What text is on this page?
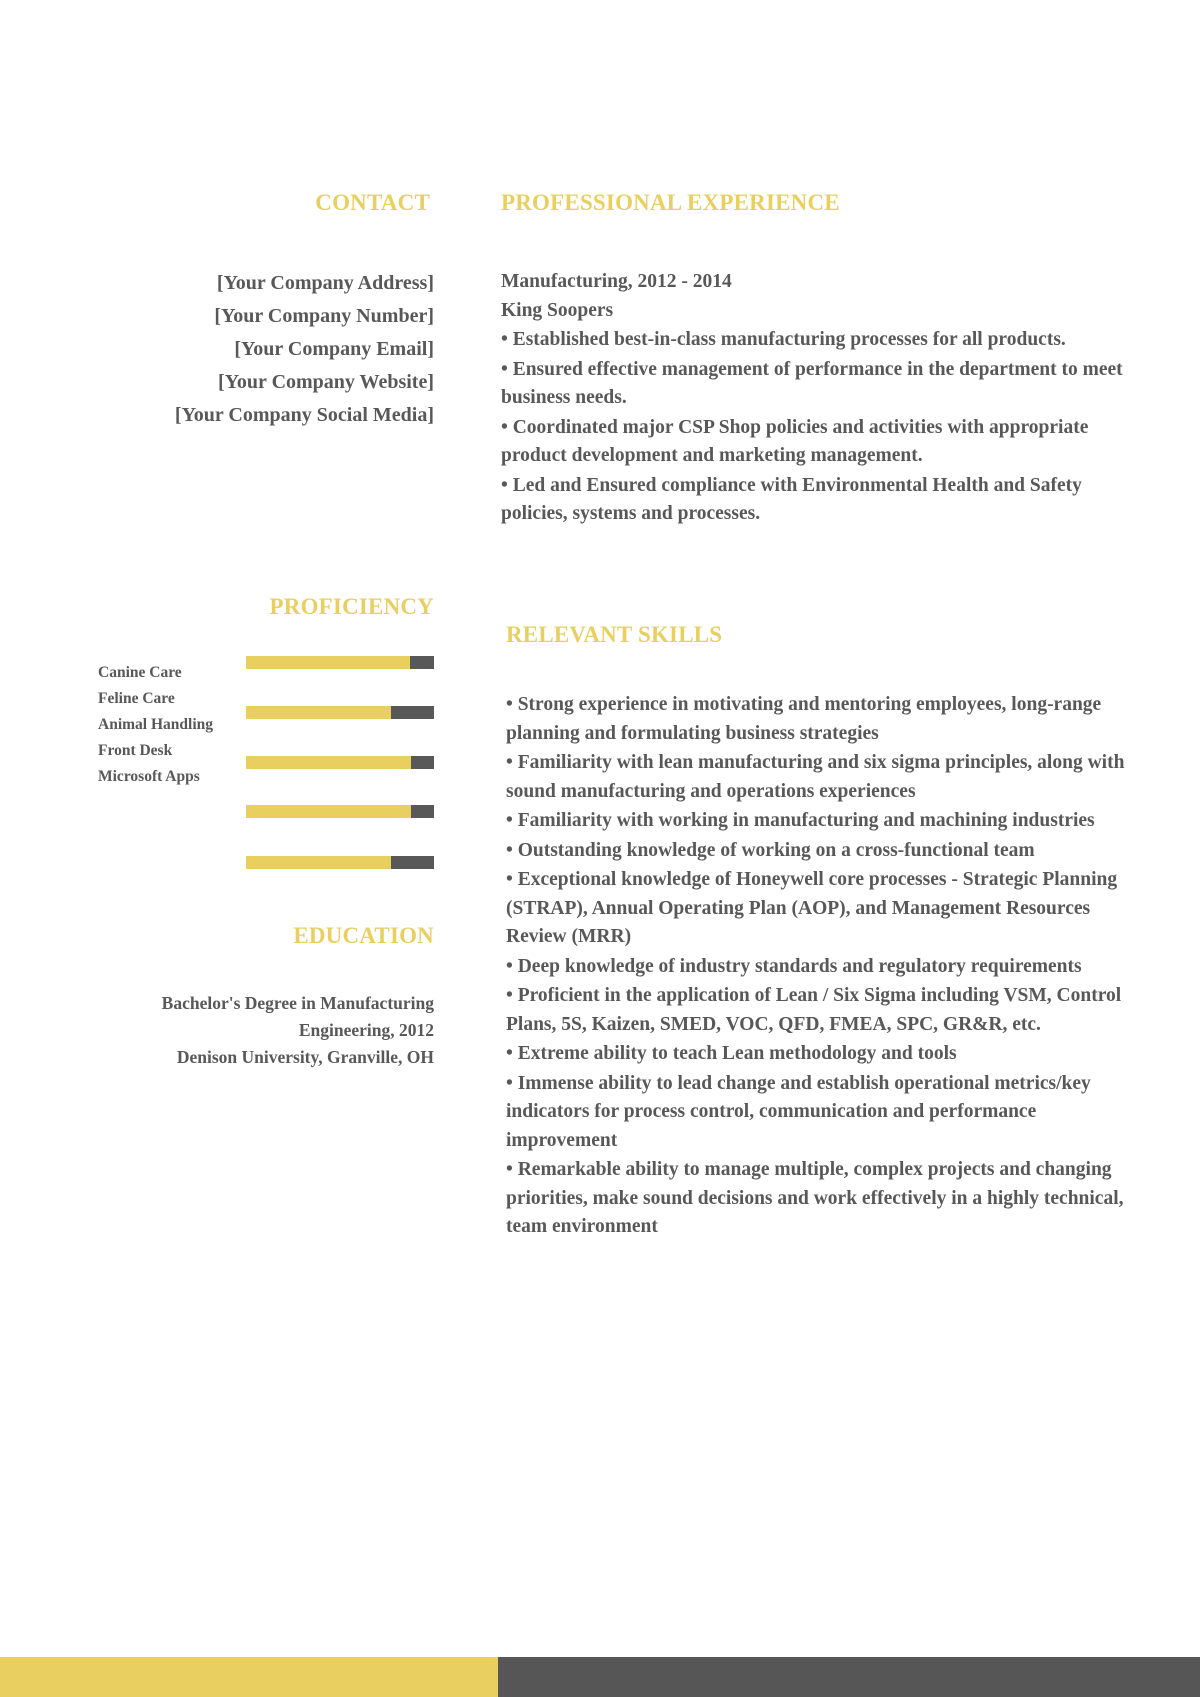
CONTACT
[Your Company Address]
[Your Company Number]
[Your Company Email]
[Your Company Website]
[Your Company Social Media]
PROFESSIONAL EXPERIENCE
Manufacturing, 2012 - 2014
King Soopers
• Established best-in-class manufacturing processes for all products.
• Ensured effective management of performance in the department to meet business needs.
• Coordinated major CSP Shop policies and activities with appropriate product development and marketing management.
• Led and Ensured compliance with Environmental Health and Safety policies, systems and processes.
PROFICIENCY
Canine Care
Feline Care
Animal Handling
Front Desk
Microsoft Apps
EDUCATION
Bachelor's Degree in Manufacturing
Engineering, 2012
Denison University, Granville, OH
RELEVANT SKILLS
• Strong experience in motivating and mentoring employees, long-range planning and formulating business strategies
• Familiarity with lean manufacturing and six sigma principles, along with sound manufacturing and operations experiences
• Familiarity with working in manufacturing and machining industries
• Outstanding knowledge of working on a cross-functional team
• Exceptional knowledge of Honeywell core processes - Strategic Planning (STRAP), Annual Operating Plan (AOP), and Management Resources Review (MRR)
• Deep knowledge of industry standards and regulatory requirements
• Proficient in the application of Lean / Six Sigma including VSM, Control Plans, 5S, Kaizen, SMED, VOC, QFD, FMEA, SPC, GR&R, etc.
• Extreme ability to teach Lean methodology and tools
• Immense ability to lead change and establish operational metrics/key indicators for process control, communication and performance improvement
• Remarkable ability to manage multiple, complex projects and changing priorities, make sound decisions and work effectively in a highly technical, team environment
